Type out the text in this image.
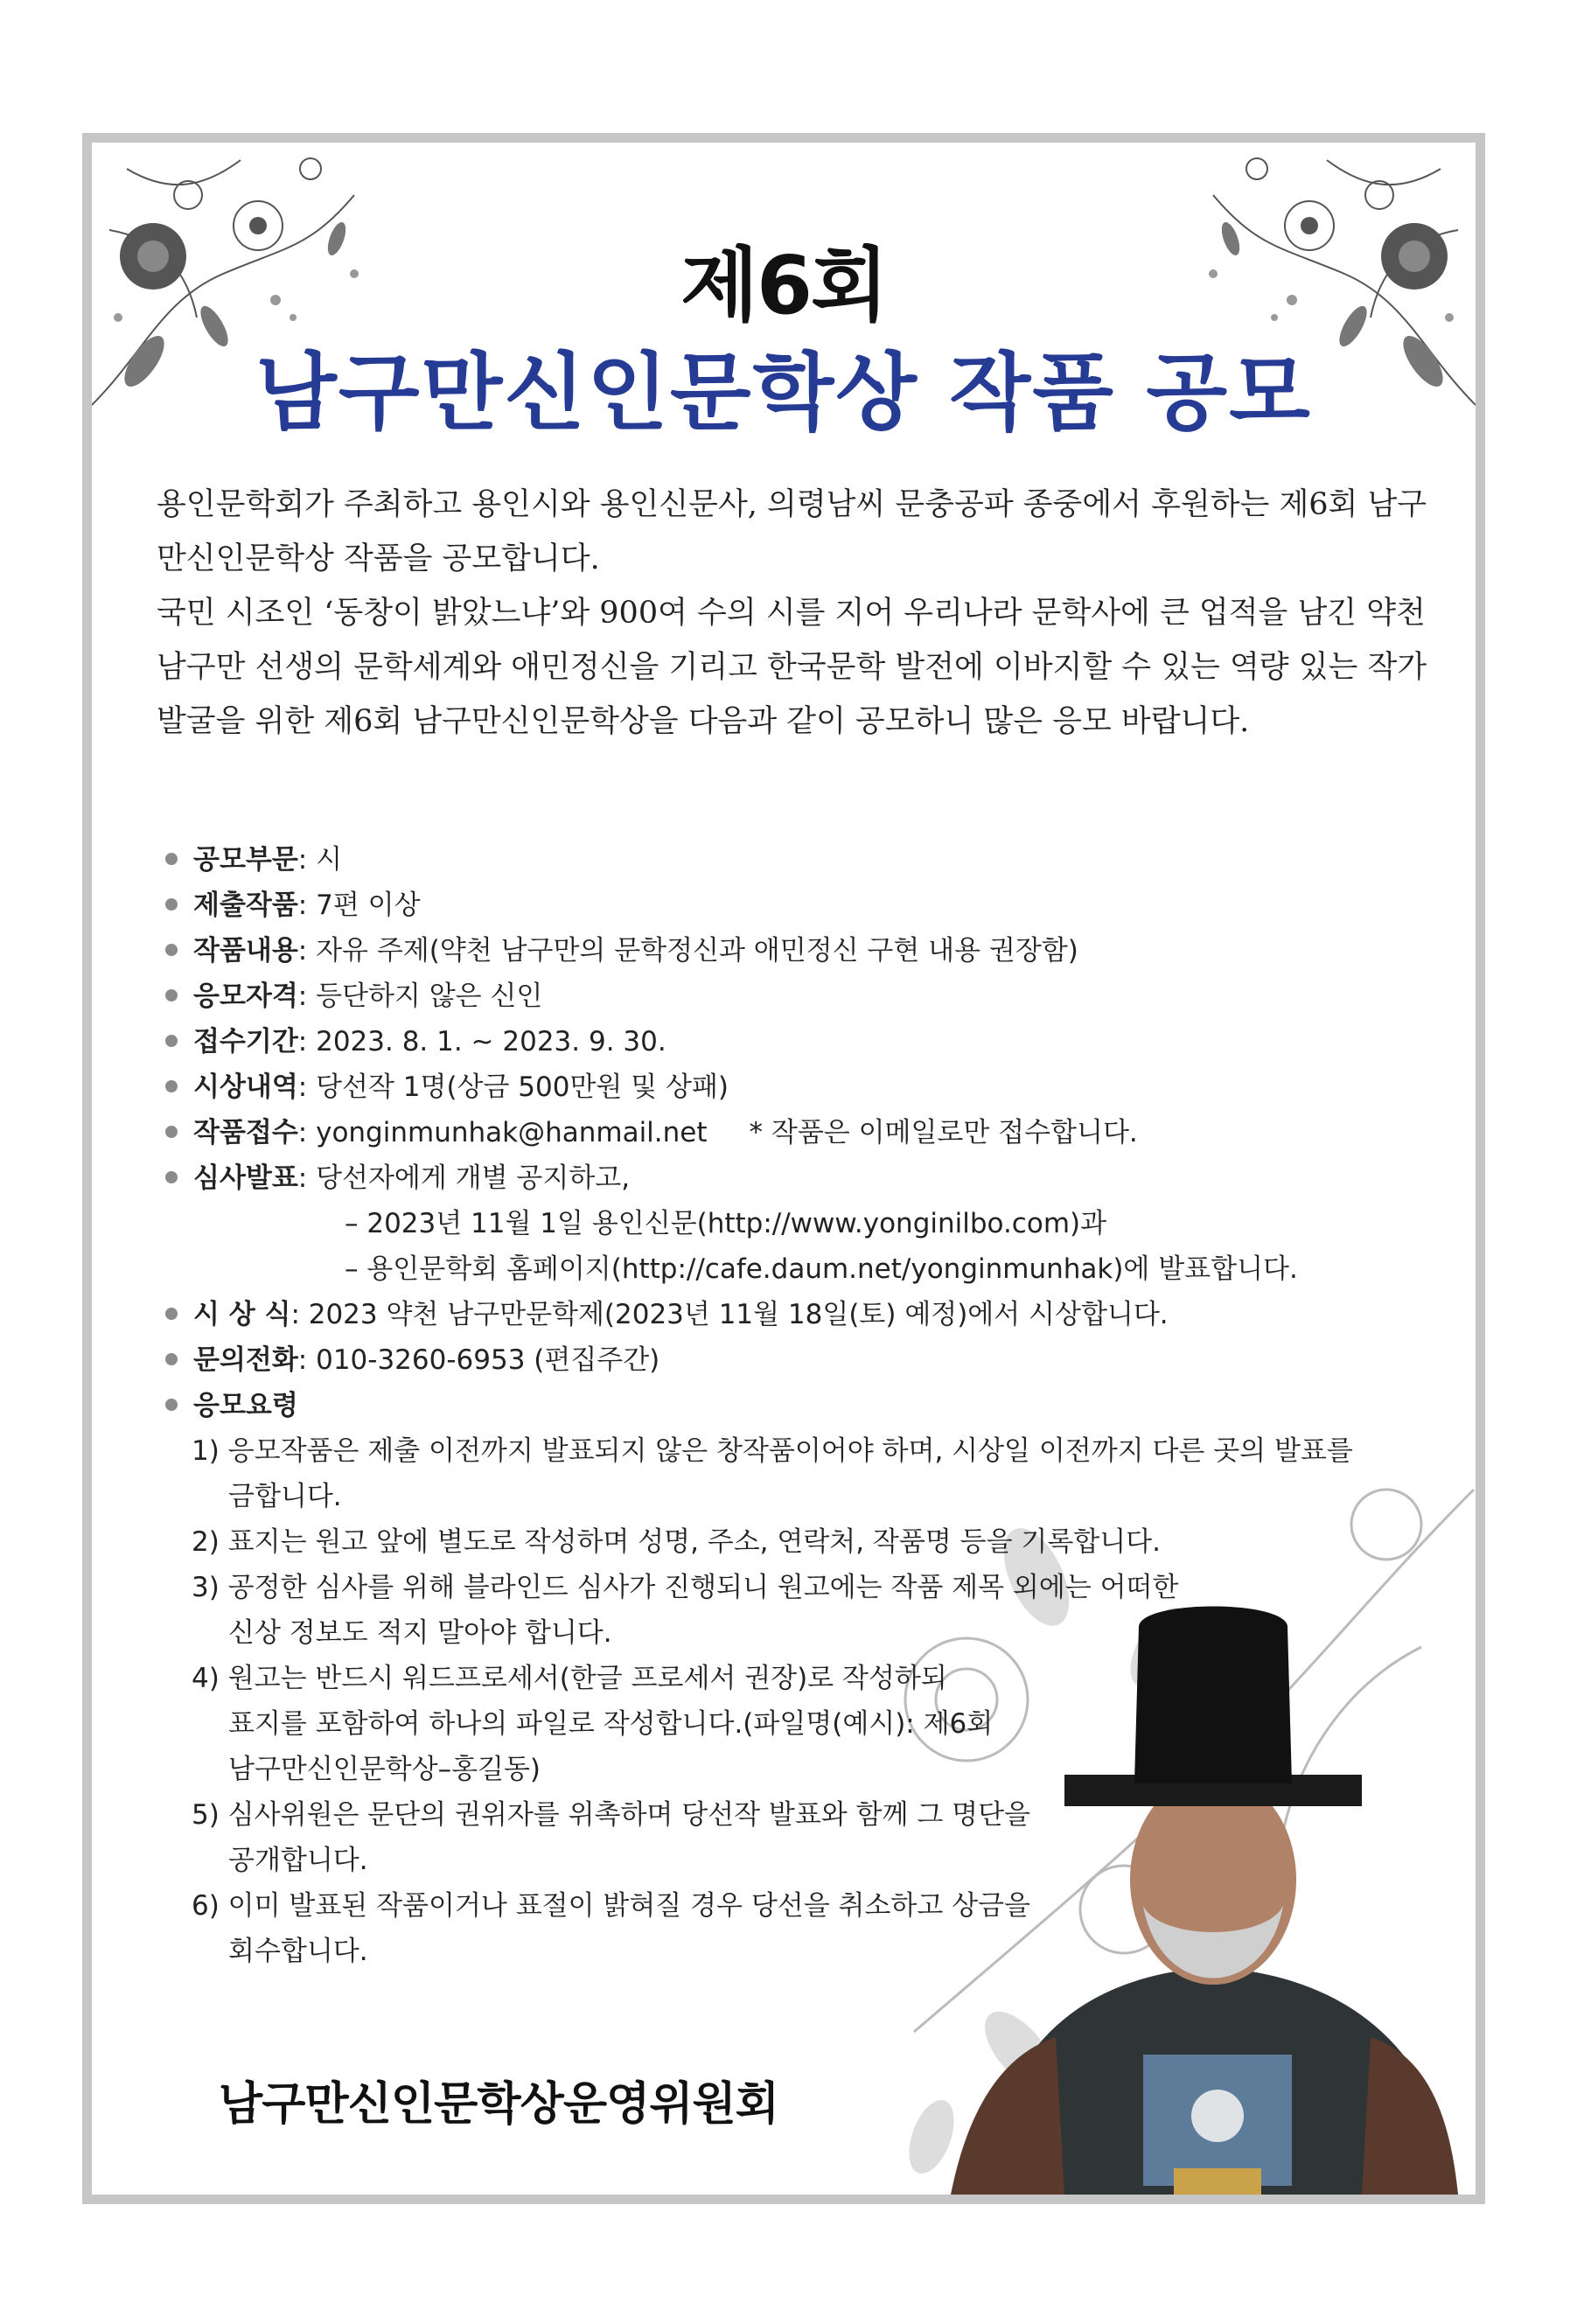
제6회
남구만신인문학상 작품 공모

용인문학회가 주최하고 용인시와 용인신문사, 의령남씨 문충공파 종중에서 후원하는 제6회 남구만신인문학상 작품을 공모합니다.

국민 시조인 ‘동창이 밝았느냐’와 900여 수의 시를 지어 우리나라 문학사에 큰 업적을 남긴 약천 남구만 선생의 문학세계와 애민정신을 기리고 한국문학 발전에 이바지할 수 있는 역량 있는 작가 발굴을 위한 제6회 남구만신인문학상을 다음과 같이 공모하니 많은 응모 바랍니다.

공모부문: 시
제출작품: 7편 이상
작품내용: 자유 주제(약천 남구만의 문학정신과 애민정신 구현 내용 권장함)
응모자격: 등단하지 않은 신인
접수기간: 2023. 8. 1. ~ 2023. 9. 30.
시상내역: 당선작 1명(상금 500만원 및 상패)
작품접수: yonginmunhak@hanmail.net * 작품은 이메일로만 접수합니다.
심사발표: 당선자에게 개별 공지하고,
– 2023년 11월 1일 용인신문(http://www.yonginilbo.com)과
– 용인문학회 홈페이지(http://cafe.daum.net/yonginmunhak)에 발표합니다.
시 상 식: 2023 약천 남구만문학제(2023년 11월 18일(토) 예정)에서 시상합니다.
문의전화: 010-3260-6953 (편집주간)
응모요령
1) 응모작품은 제출 이전까지 발표되지 않은 창작품이어야 하며, 시상일 이전까지 다른 곳의 발표를
금합니다.
2) 표지는 원고 앞에 별도로 작성하며 성명, 주소, 연락처, 작품명 등을 기록합니다.
3) 공정한 심사를 위해 블라인드 심사가 진행되니 원고에는 작품 제목 외에는 어떠한
신상 정보도 적지 말아야 합니다.
4) 원고는 반드시 워드프로세서(한글 프로세서 권장)로 작성하되
표지를 포함하여 하나의 파일로 작성합니다.(파일명(예시): 제6회
남구만신인문학상–홍길동)
5) 심사위원은 문단의 권위자를 위촉하며 당선작 발표와 함께 그 명단을
공개합니다.
6) 이미 발표된 작품이거나 표절이 밝혀질 경우 당선을 취소하고 상금을
회수합니다.
남구만신인문학상운영위원회
